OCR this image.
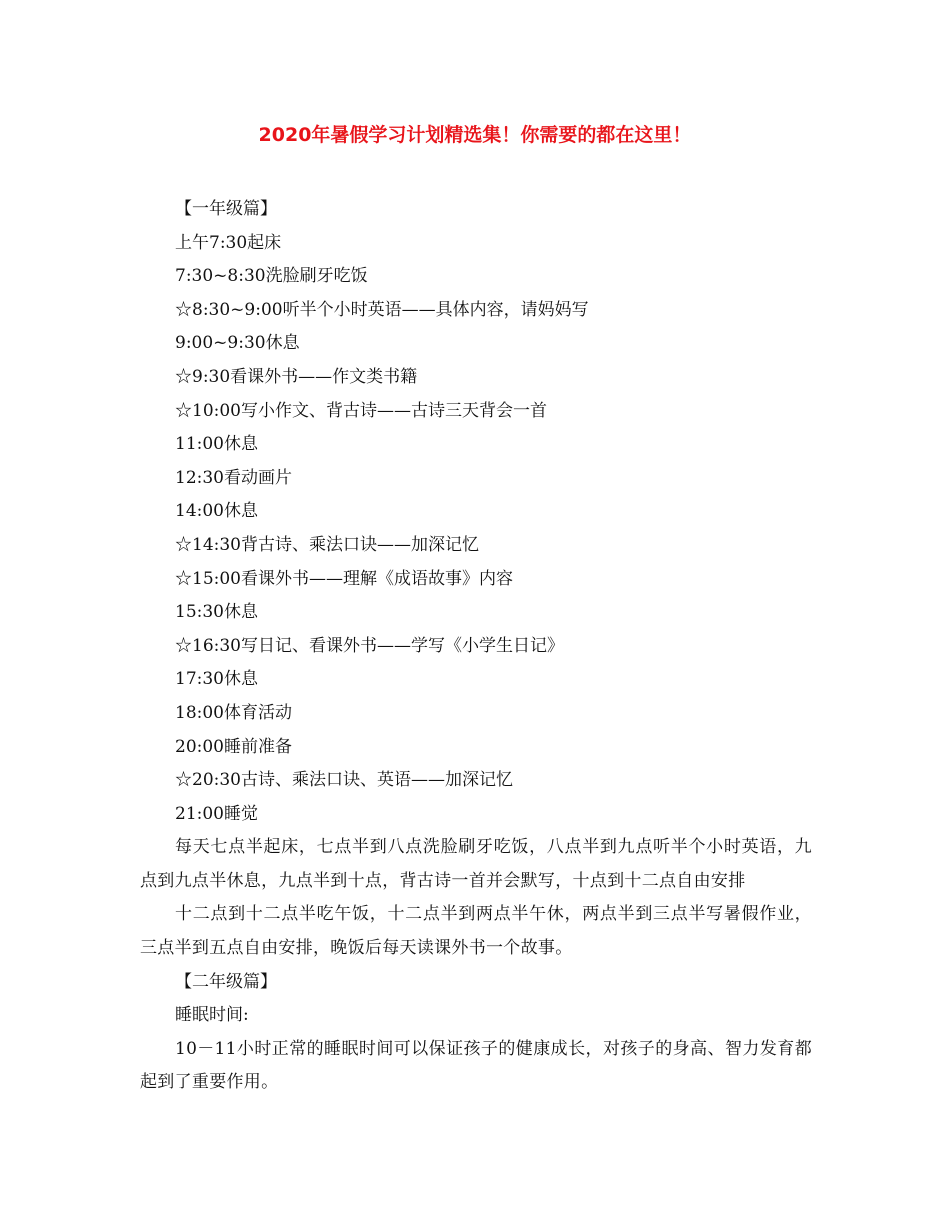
2020年暑假学习计划精选集！你需要的都在这里！
【一年级篇】
上午7:30起床
7:30~8:30洗脸刷牙吃饭
☆8:30~9:00听半个小时英语——具体内容，请妈妈写
9:00~9:30休息
☆9:30看课外书——作文类书籍
☆10:00写小作文、背古诗——古诗三天背会一首
11:00休息
12:30看动画片
14:00休息
☆14:30背古诗、乘法口诀——加深记忆
☆15:00看课外书——理解《成语故事》内容
15:30休息
☆16:30写日记、看课外书——学写《小学生日记》
17:30休息
18:00体育活动
20:00睡前准备
☆20:30古诗、乘法口诀、英语——加深记忆
21:00睡觉
每天七点半起床，七点半到八点洗脸刷牙吃饭，八点半到九点听半个小时英语，九点到九点半休息，九点半到十点，背古诗一首并会默写，十点到十二点自由安排
十二点到十二点半吃午饭，十二点半到两点半午休，两点半到三点半写暑假作业，三点半到五点自由安排，晚饭后每天读课外书一个故事。
【二年级篇】
睡眠时间:
10－11小时正常的睡眠时间可以保证孩子的健康成长，对孩子的身高、智力发育都起到了重要作用。
